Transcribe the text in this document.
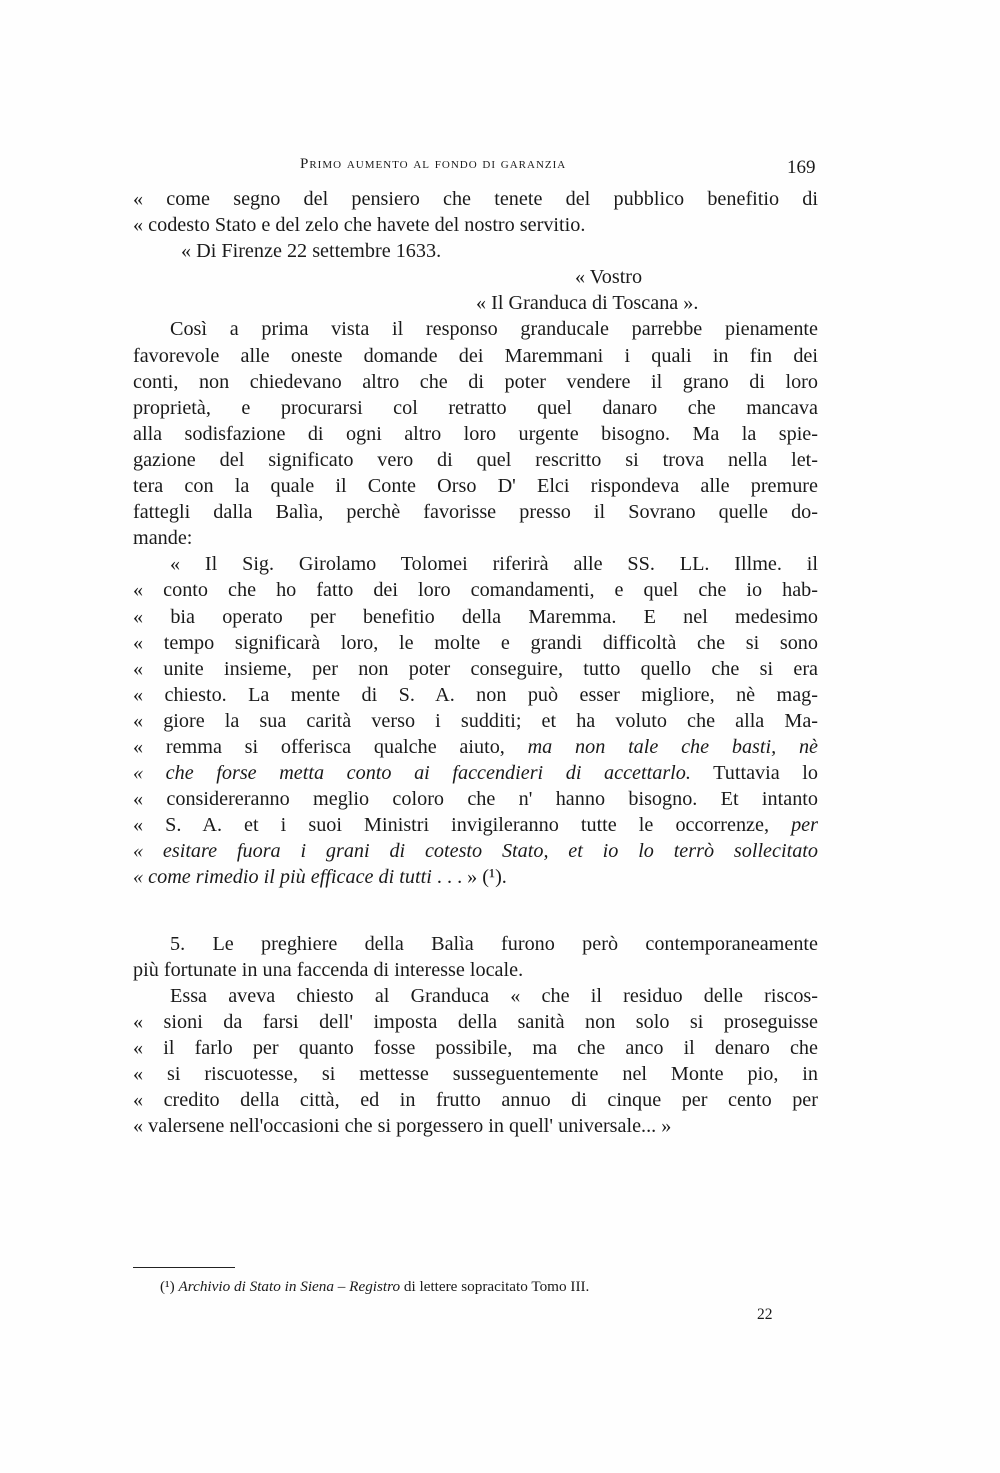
Primo aumento al fondo di garanzia	169
« come segno del pensiero che tenete del pubblico benefitio di
« codesto Stato e del zelo che havete del nostro servitio.
« Di Firenze 22 settembre 1633.
« Vostro
« Il Granduca di Toscana ».
Così a prima vista il responso granducale parrebbe pienamente
favorevole alle oneste domande dei Maremmani i quali in fin dei
conti, non chiedevano altro che di poter vendere il grano di loro
proprietà, e procurarsi col retratto quel danaro che mancava
alla sodisfazione di ogni altro loro urgente bisogno. Ma la spie-
gazione del significato vero di quel rescritto si trova nella let-
tera con la quale il Conte Orso D' Elci rispondeva alle premure
fattegli dalla Balìa, perchè favorisse presso il Sovrano quelle do-
mande:
« Il Sig. Girolamo Tolomei riferirà alle SS. LL. Illme. il
« conto che ho fatto dei loro comandamenti, e quel che io hab-
« bia operato per benefitio della Maremma. E nel medesimo
« tempo significarà loro, le molte e grandi difficoltà che si sono
« unite insieme, per non poter conseguire, tutto quello che si era
« chiesto. La mente di S. A. non può esser migliore, nè mag-
« giore la sua carità verso i sudditi; et ha voluto che alla Ma-
« remma si offerisca qualche aiuto, ma non tale che basti, nè
« che forse metta conto ai faccendieri di accettarlo. Tuttavia lo
« considereranno meglio coloro che n' hanno bisogno. Et intanto
« S. A. et i suoi Ministri invigileranno tutte le occorrenze, per
« esitare fuora i grani di cotesto Stato, et io lo terrò sollecitato
« come rimedio il più efficace di tutti . . . » (¹).
5. Le preghiere della Balìa furono però contemporaneamente
più fortunate in una faccenda di interesse locale.
Essa aveva chiesto al Granduca « che il residuo delle riscos-
« sioni da farsi dell' imposta della sanità non solo si proseguisse
« il farlo per quanto fosse possibile, ma che anco il denaro che
« si riscuotesse, si mettesse susseguentemente nel Monte pio, in
« credito della città, ed in frutto annuo di cinque per cento per
« valersene nell'occasioni che si porgessero in quell' universale... »
(¹) Archivio di Stato in Siena – Registro di lettere sopracitato Tomo III.
22
